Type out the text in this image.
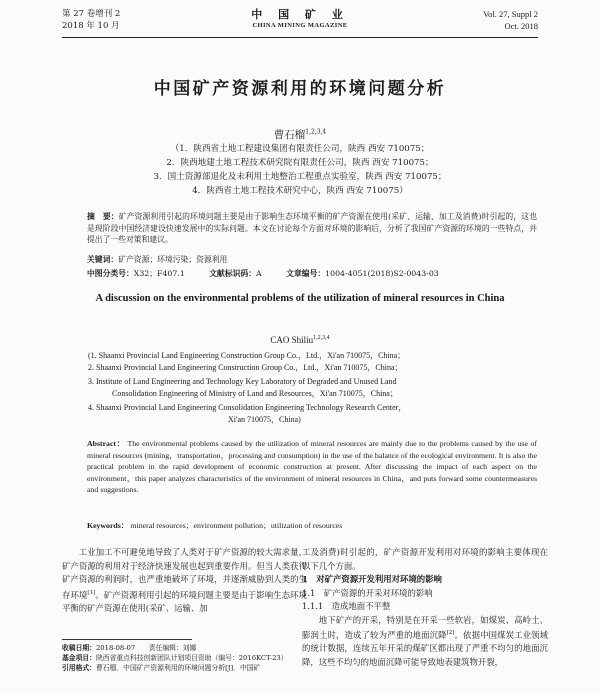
第 27 卷增刊 2
2018 年 10 月
中 国 矿 业
CHINA MINING MAGAZINE
Vol. 27, Suppl 2
Oct. 2018
中国矿产资源利用的环境问题分析
曹石榴$^{1,2,3,4}$
（1．陕西省土地工程建设集团有限责任公司，陕西 西安 710075；
2．陕西地建土地工程技术研究院有限责任公司，陕西 西安 710075；
3．国土资源部退化及未利用土地整治工程重点实验室，陕西 西安 710075；
4．陕西省土地工程技术研究中心，陕西 西安 710075）
摘　要：矿产资源利用引起的环境问题主要是由于影响生态环境平衡的矿产资源在使用(采矿、运输、加工及消费)时引起的，这也是现阶段中国经济建设快速发展中的实际问题。本文在讨论每个方面对环境的影响后，分析了我国矿产资源的环境的一些特点，并提出了一些对策和建议。
关键词：矿产资源；环境污染；资源利用
中图分类号：X32；F407.1	文献标识码：A	文章编号：1004-4051(2018)S2-0043-03
A discussion on the environmental problems of the utilization of mineral resources in China
CAO Shiliu$^{1,2,3,4}$
(1. Shaanxi Provincial Land Engineering Construction Group Co.，Ltd.，Xi'an 710075，China；
2. Shaanxi Provincial Land Engineering Construction Group Co.，Ltd.，Xi'an 710075，China；
3. Institute of Land Engineering and Technology Key Laboratory of Degraded and Unused Land
Consolidation Engineering of Ministry of Land and Resources，Xi'an 710075，China；
4. Shaanxi Provincial Land Engineering Consolidation Engineering Technology Research Center，
Xi'an 710075，China)
Abstract： The environmental problems caused by the utilization of mineral resources are mainly due to the problems caused by the use of mineral resources (mining，transportation，processing and consumption) in the use of the balance of the ecological environment. It is also the practical problem in the rapid development of economic construction at present. After discussing the impact of each aspect on the environment，this paper analyzes characteristics of the environment of mineral resources in China，and puts forward some countermeasures and suggestions.
Keywords： mineral resources；environment pollution；utilization of resources

工业加工不可避免地导致了人类对于矿产资源的较大需求量，矿产资源的利用对于经济快速发展也起到重要作用。但当人类获得矿产资源的利润时，也严重地破坏了环境，并逐渐威胁到人类的生存环境[1]。矿产资源利用引起的环境问题主要是由于影响生态环境平衡的矿产资源在使用(采矿、运输、加

工及消费)时引起的，矿产资源开发利用对环境的影响主要体现在以下几个方面。

1　对矿产资源开发利用对环境的影响

1.1　矿产资源的开采对环境的影响

1.1.1　造成地面不平整

地下矿产的开采，特别是在开采一些软岩，如煤炭、高岭土、膨润土时，造成了较为严重的地面沉降[2]。依据中国煤炭工业领域的统计数据，连续五年开采的煤矿区都出现了严重不均匀的地面沉降，这些不均匀的地面沉降可能导致地表建筑物开裂，

收稿日期：2018-08-07　　责任编辑：刘娜
基金项目：陕西省重点科技创新团队计划项目资助（编号：2016KCT-23）
引用格式：曹石榴．中国矿产资源利用的环境问题分析[J]．中国矿
